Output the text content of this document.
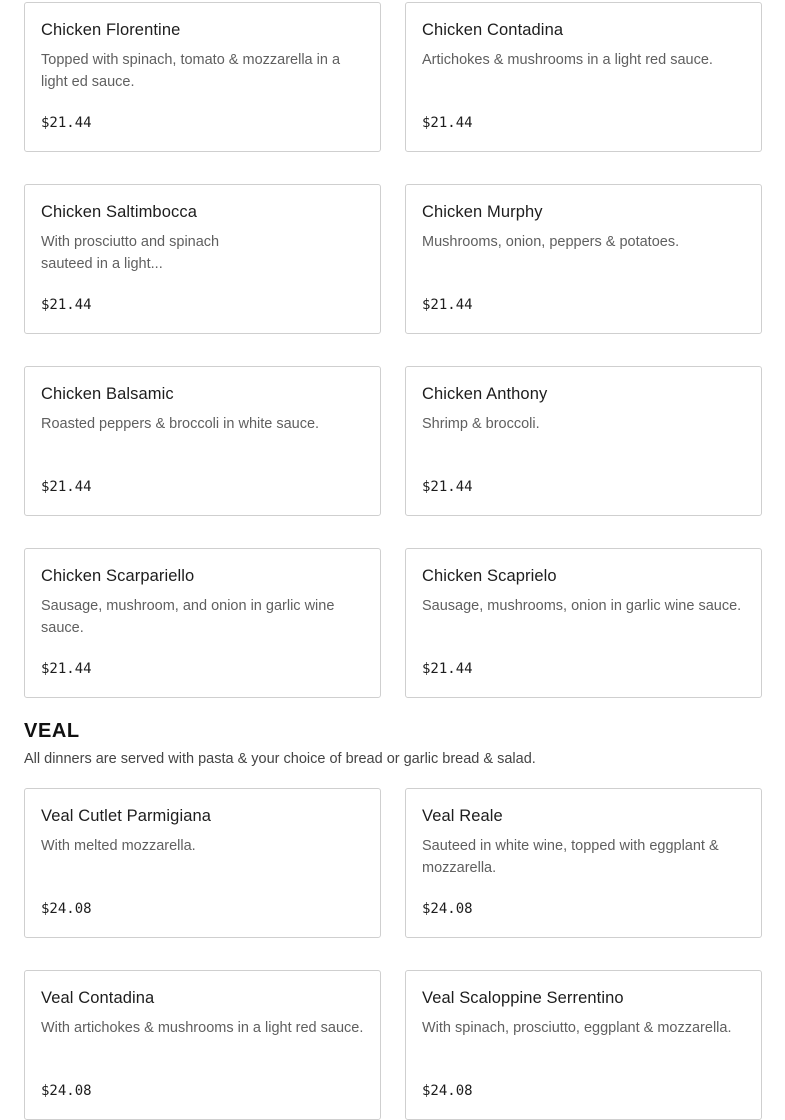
Chicken Florentine
Topped with spinach, tomato & mozzarella in a light ed sauce.
$21.44
Chicken Contadina
Artichokes & mushrooms in a light red sauce.
$21.44
Chicken Saltimbocca
With prosciutto and spinach sauteed in a light...
$21.44
Chicken Murphy
Mushrooms, onion, peppers & potatoes.
$21.44
Chicken Balsamic
Roasted peppers & broccoli in white sauce.
$21.44
Chicken Anthony
Shrimp & broccoli.
$21.44
Chicken Scarpariello
Sausage, mushroom, and onion in garlic wine sauce.
$21.44
Chicken Scaprielo
Sausage, mushrooms, onion in garlic wine sauce.
$21.44
VEAL

All dinners are served with pasta & your choice of bread or garlic bread & salad.

Veal Cutlet Parmigiana
With melted mozzarella.
$24.08
Veal Reale
Sauteed in white wine, topped with eggplant & mozzarella.
$24.08
Veal Contadina
With artichokes & mushrooms in a light red sauce.
$24.08
Veal Scaloppine Serrentino
With spinach, prosciutto, eggplant & mozzarella.
$24.08
